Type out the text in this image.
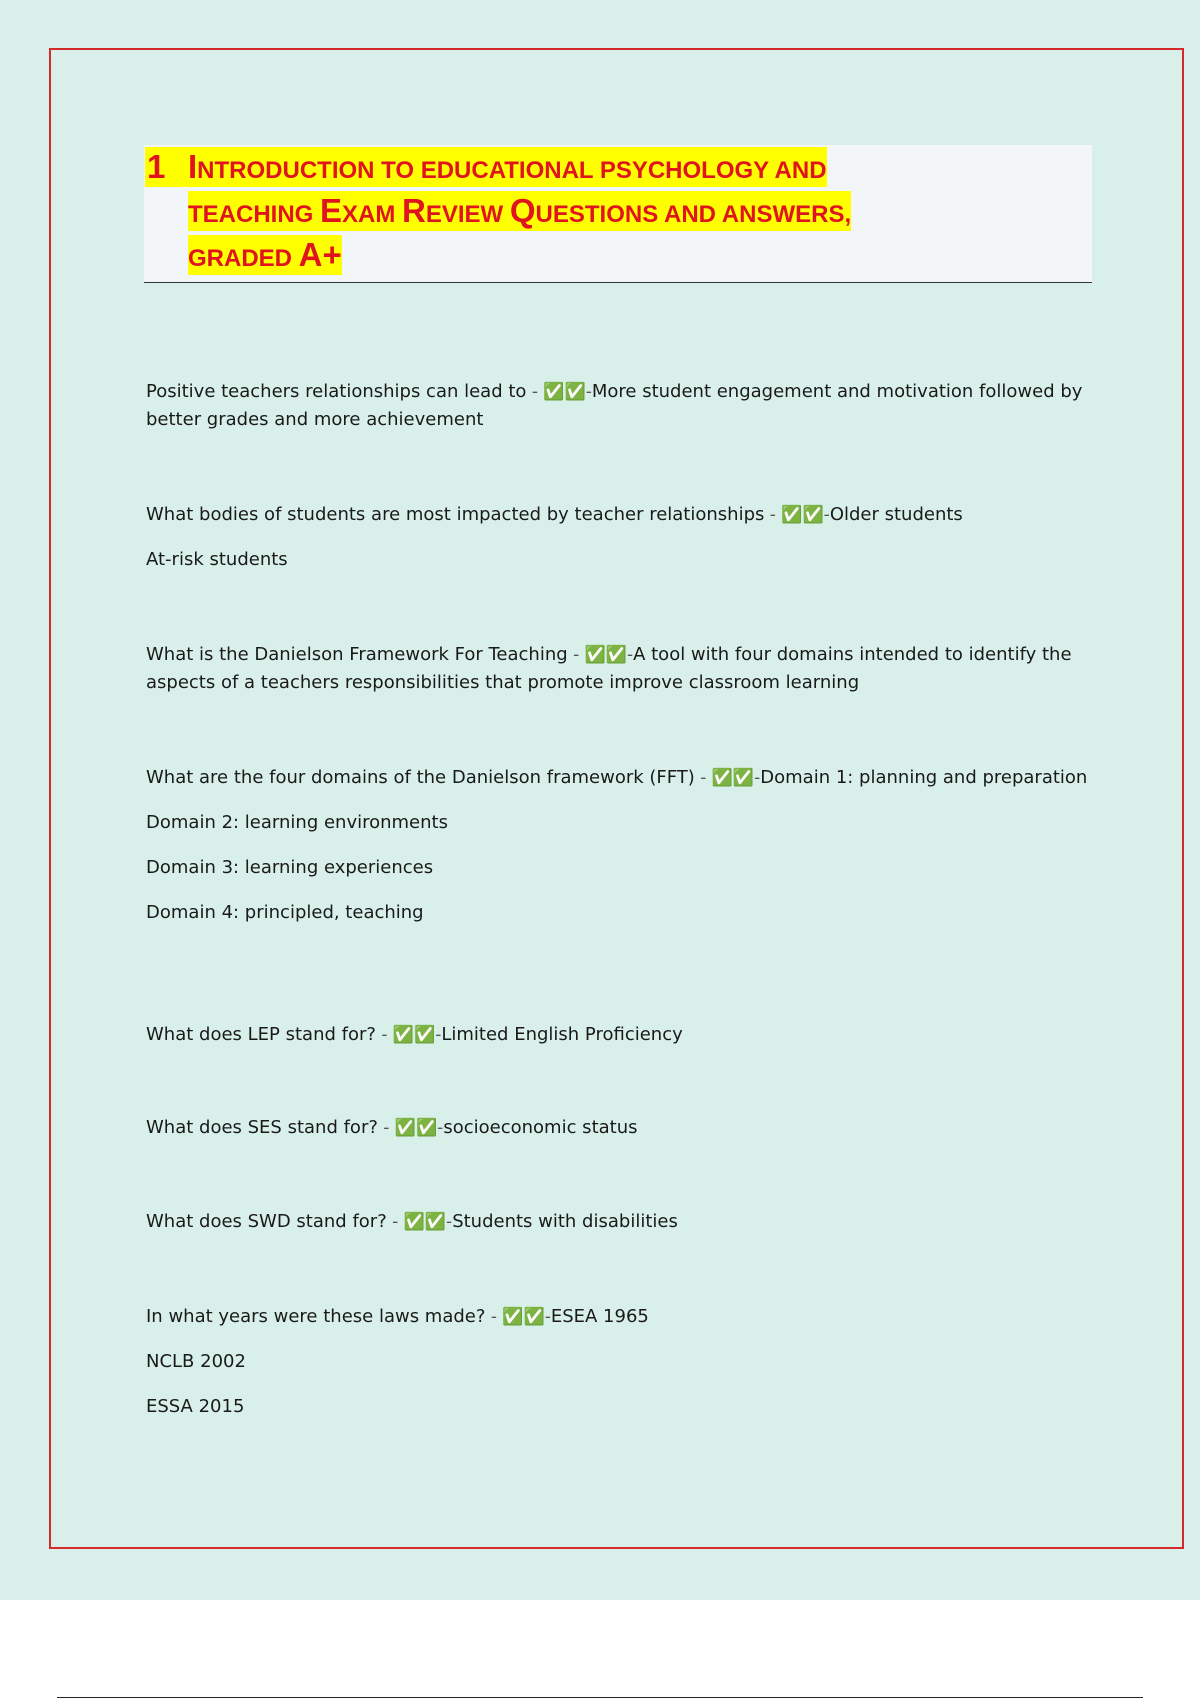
1 INTRODUCTION TO EDUCATIONAL PSYCHOLOGY AND
TEACHING EXAM REVIEW QUESTIONS AND ANSWERS,
GRADED A+

Positive teachers relationships can lead to - ✅✅-More student engagement and motivation followed by better grades and more achievement

What bodies of students are most impacted by teacher relationships - ✅✅-Older students

At-risk students

What is the Danielson Framework For Teaching - ✅✅-A tool with four domains intended to identify the aspects of a teachers responsibilities that promote improve classroom learning

What are the four domains of the Danielson framework (FFT) - ✅✅-Domain 1: planning and preparation

Domain 2: learning environments

Domain 3: learning experiences

Domain 4: principled, teaching

What does LEP stand for? - ✅✅-Limited English Proficiency

What does SES stand for? - ✅✅-socioeconomic status

What does SWD stand for? - ✅✅-Students with disabilities

In what years were these laws made? - ✅✅-ESEA 1965

NCLB 2002

ESSA 2015
